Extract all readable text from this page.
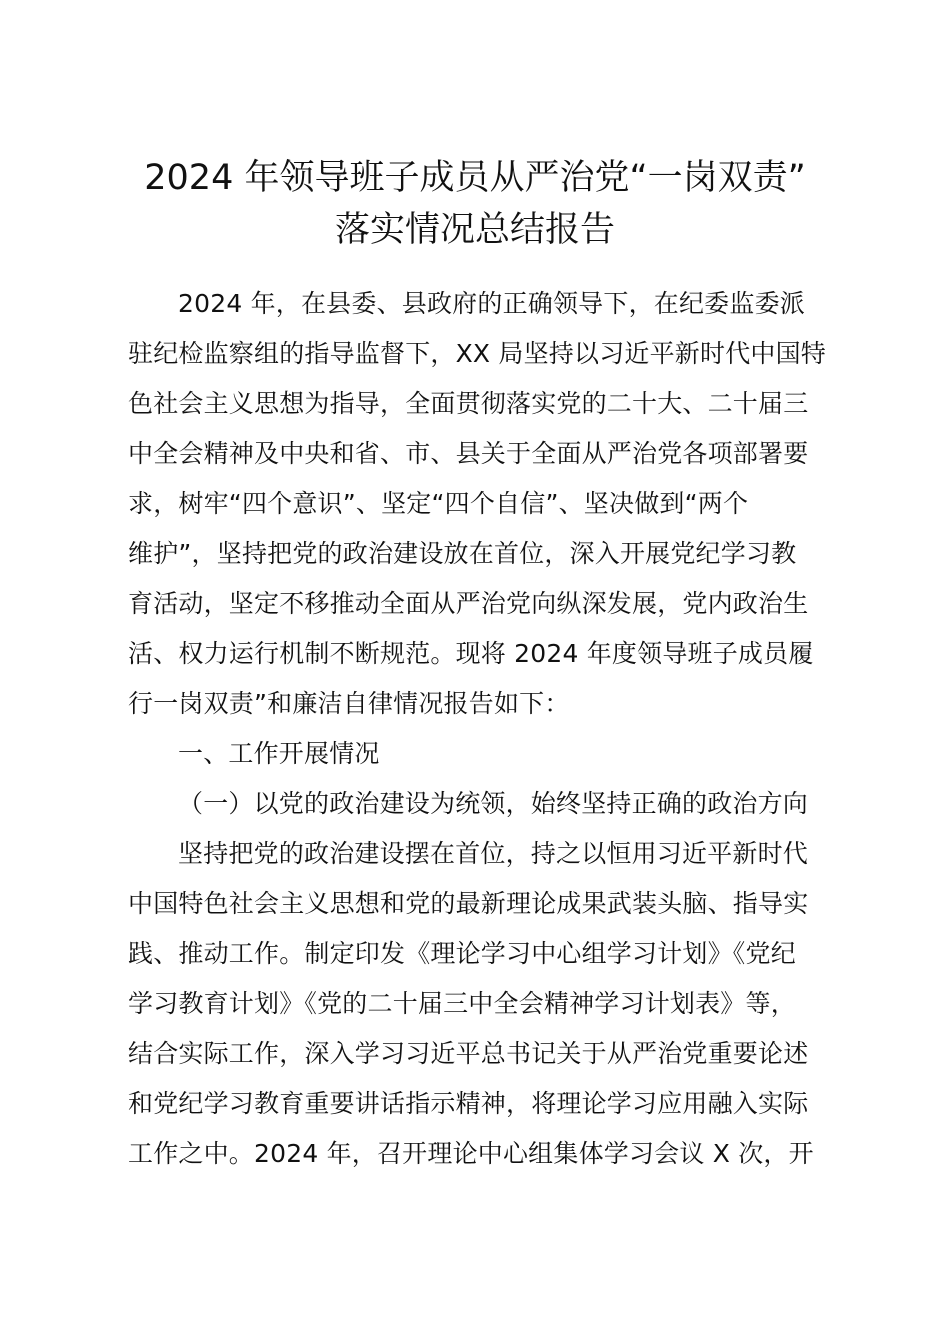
2024 年领导班子成员从严治党“一岗双责”
落实情况总结报告
2024 年，在县委、县政府的正确领导下，在纪委监委派
驻纪检监察组的指导监督下，XX 局坚持以习近平新时代中国特
色社会主义思想为指导，全面贯彻落实党的二十大、二十届三
中全会精神及中央和省、市、县关于全面从严治党各项部署要
求，树牢“四个意识”、坚定“四个自信”、坚决做到“两个
维护”，坚持把党的政治建设放在首位，深入开展党纪学习教
育活动，坚定不移推动全面从严治党向纵深发展，党内政治生
活、权力运行机制不断规范。现将 2024 年度领导班子成员履
行一岗双责”和廉洁自律情况报告如下：
一、工作开展情况
（一）以党的政治建设为统领，始终坚持正确的政治方向
坚持把党的政治建设摆在首位，持之以恒用习近平新时代
中国特色社会主义思想和党的最新理论成果武装头脑、指导实
践、推动工作。制定印发《理论学习中心组学习计划》《党纪
学习教育计划》《党的二十届三中全会精神学习计划表》等，
结合实际工作，深入学习习近平总书记关于从严治党重要论述
和党纪学习教育重要讲话指示精神，将理论学习应用融入实际
工作之中。2024 年，召开理论中心组集体学习会议 X 次，开
